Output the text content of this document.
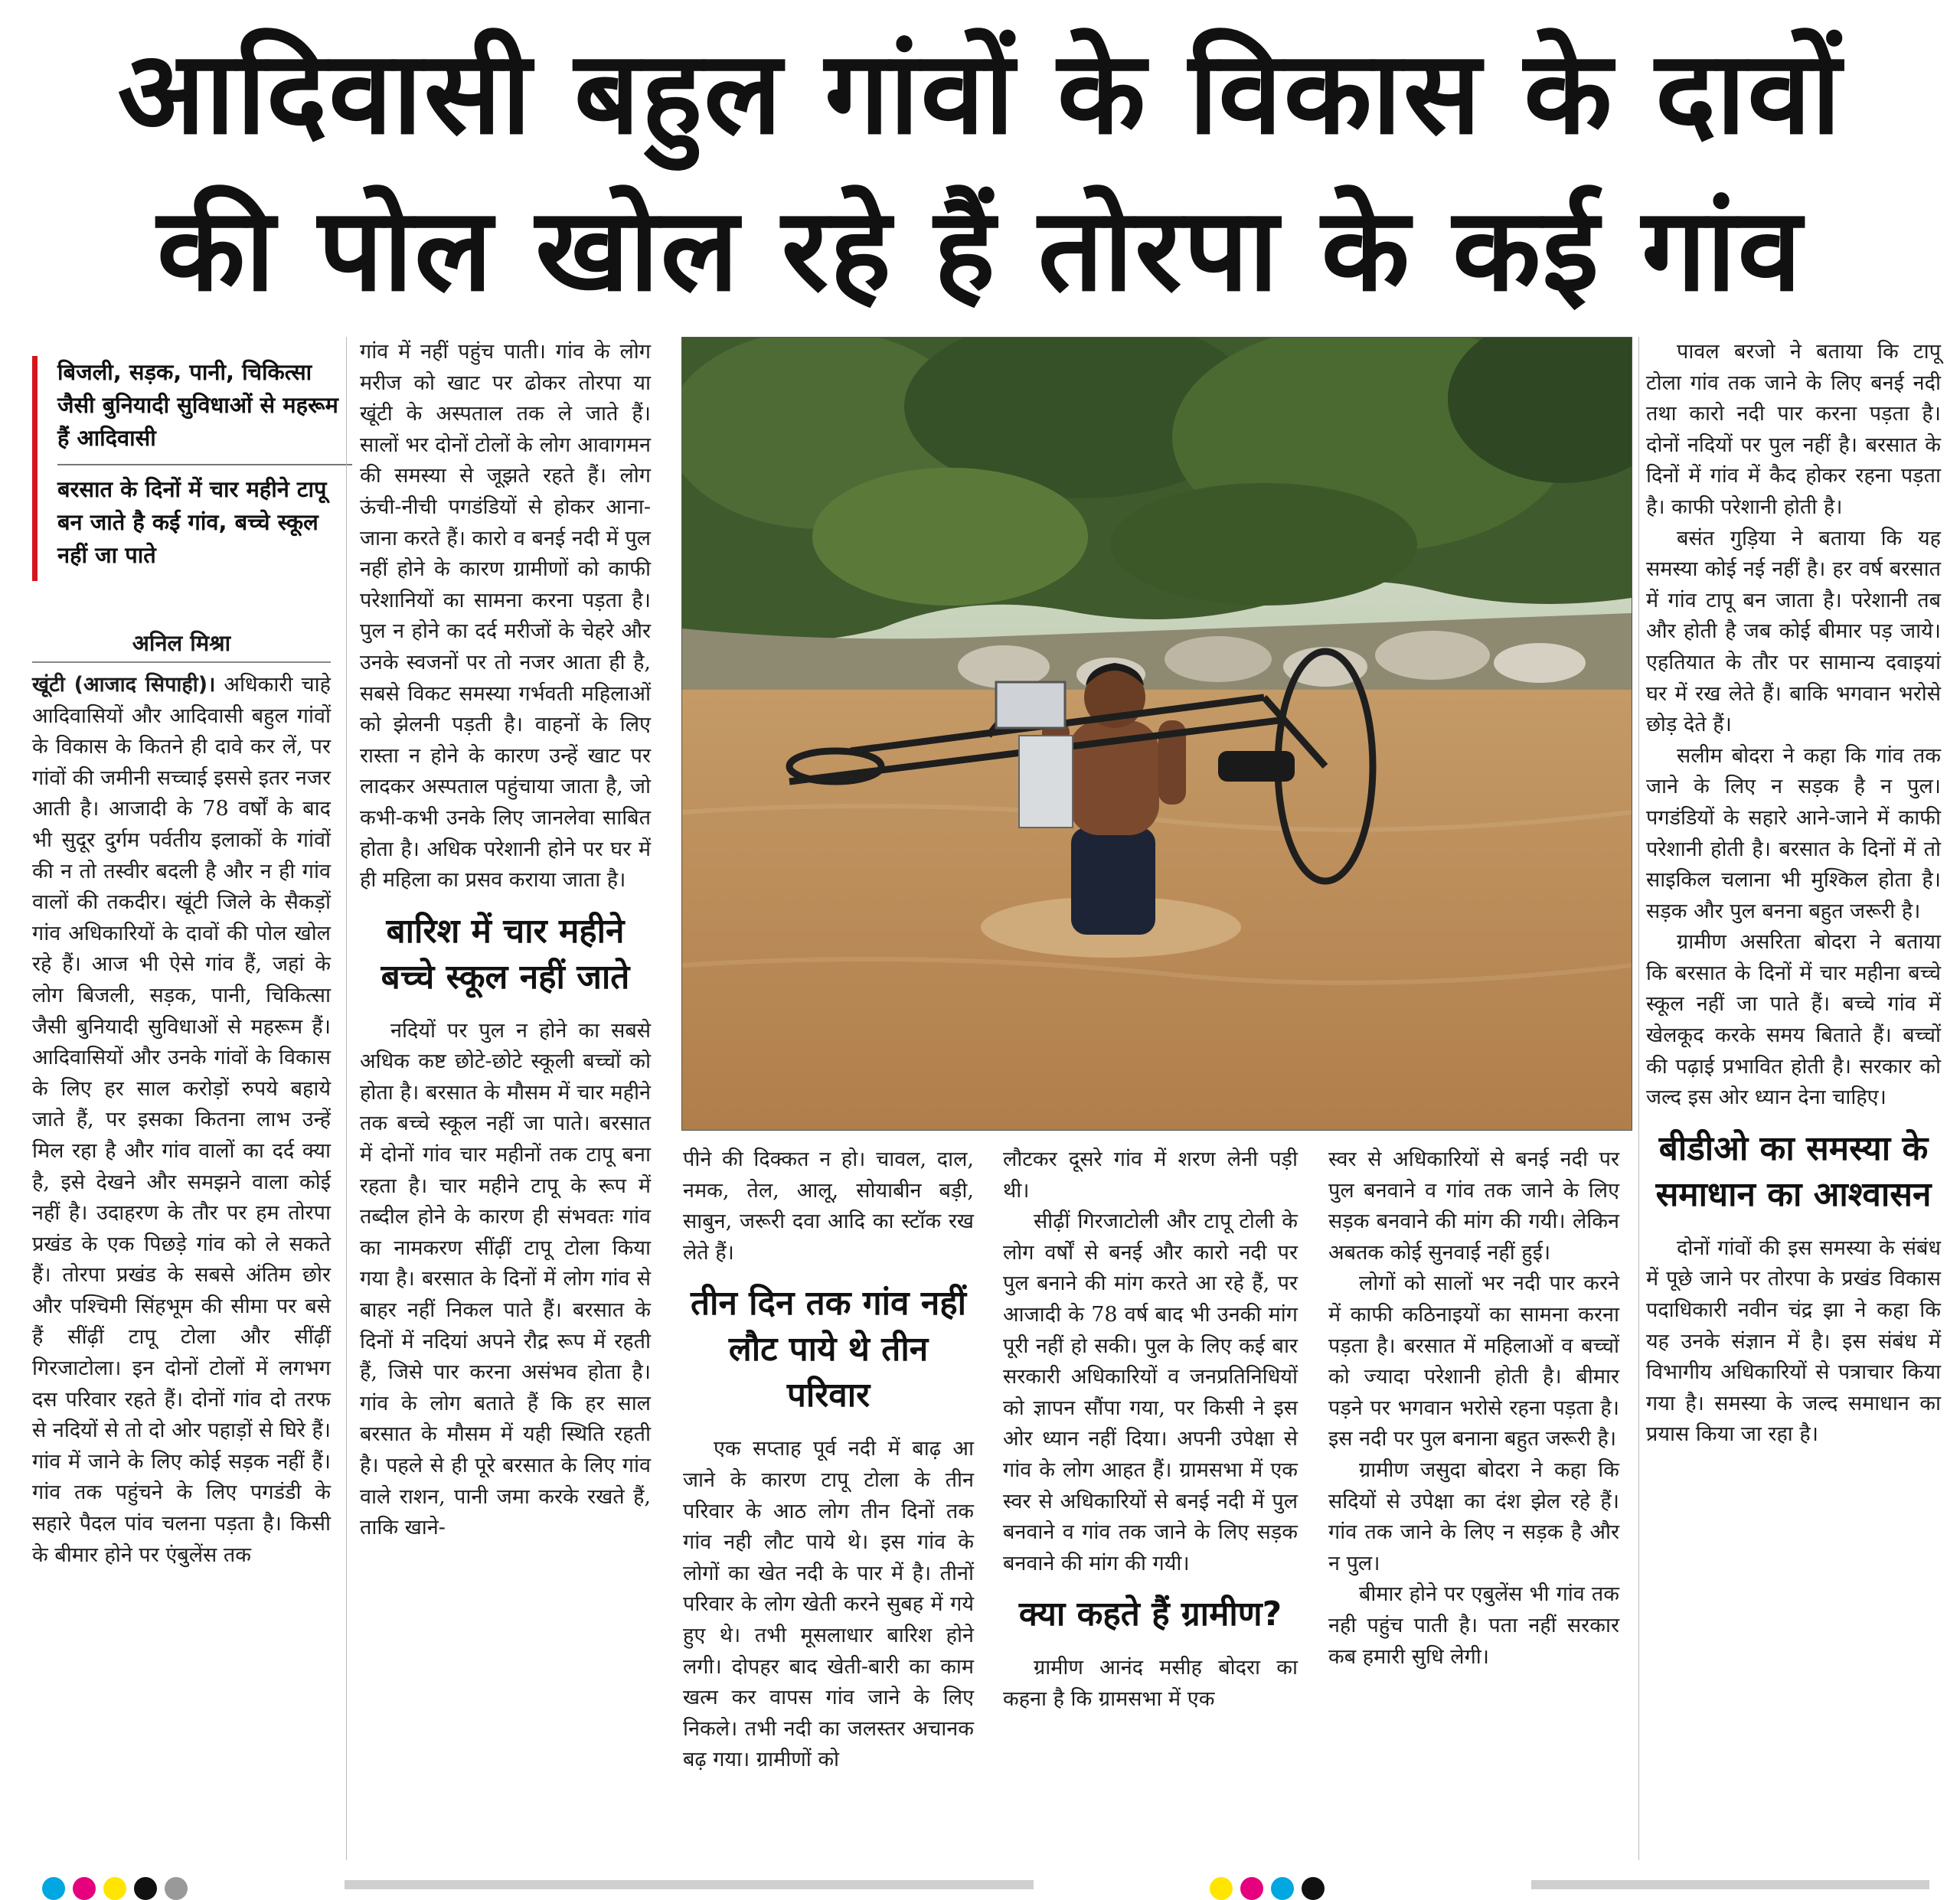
आदिवासी बहुल गांवों के विकास के दावों
की पोल खोल रहे हैं तोरपा के कई गांव
बिजली, सड़क, पानी, चिकित्सा जैसी बुनियादी सुविधाओं से महरूम हैं आदिवासी
बरसात के दिनों में चार महीने टापू बन जाते है कई गांव, बच्चे स्कूल नहीं जा पाते
अनिल मिश्रा

खूंटी (आजाद सिपाही)। अधिकारी चाहे आदिवासियों और आदिवासी बहुल गांवों के विकास के कितने ही दावे कर लें, पर गांवों की जमीनी सच्चाई इससे इतर नजर आती है। आजादी के 78 वर्षों के बाद भी सुदूर दुर्गम पर्वतीय इलाकों के गांवों की न तो तस्वीर बदली है और न ही गांव वालों की तकदीर। खूंटी जिले के सैकड़ों गांव अधिकारियों के दावों की पोल खोल रहे हैं। आज भी ऐसे गांव हैं, जहां के लोग बिजली, सड़क, पानी, चिकित्सा जैसी बुनियादी सुविधाओं से महरूम हैं। आदिवासियों और उनके गांवों के विकास के लिए हर साल करोड़ों रुपये बहाये जाते हैं, पर इसका कितना लाभ उन्हें मिल रहा है और गांव वालों का दर्द क्या है, इसे देखने और समझने वाला कोई नहीं है। उदाहरण के तौर पर हम तोरपा प्रखंड के एक पिछड़े गांव को ले सकते हैं। तोरपा प्रखंड के सबसे अंतिम छोर और पश्चिमी सिंहभूम की सीमा पर बसे हैं सींढ़ीं टापू टोला और सींढ़ीं गिरजाटोला। इन दोनों टोलों में लगभग दस परिवार रहते हैं। दोनों गांव दो तरफ से नदियों से तो दो ओर पहाड़ों से घिरे हैं। गांव में जाने के लिए कोई सड़क नहीं हैं। गांव तक पहुंचने के लिए पगडंडी के सहारे पैदल पांव चलना पड़ता है। किसी के बीमार होने पर एंबुलेंस तक

गांव में नहीं पहुंच पाती। गांव के लोग मरीज को खाट पर ढोकर तोरपा या खूंटी के अस्पताल तक ले जाते हैं। सालों भर दोनों टोलों के लोग आवागमन की समस्या से जूझते रहते हैं। लोग ऊंची-नीची पगडंडियों से होकर आना-जाना करते हैं। कारो व बनई नदी में पुल नहीं होने के कारण ग्रामीणों को काफी परेशानियों का सामना करना पड़ता है। पुल न होने का दर्द मरीजों के चेहरे और उनके स्वजनों पर तो नजर आता ही है, सबसे विकट समस्या गर्भवती महिलाओं को झेलनी पड़ती है। वाहनों के लिए रास्ता न होने के कारण उन्हें खाट पर लादकर अस्पताल पहुंचाया जाता है, जो कभी-कभी उनके लिए जानलेवा साबित होता है। अधिक परेशानी होने पर घर में ही महिला का प्रसव कराया जाता है।

बारिश में चार महीने बच्चे स्कूल नहीं जाते

नदियों पर पुल न होने का सबसे अधिक कष्ट छोटे-छोटे स्कूली बच्चों को होता है। बरसात के मौसम में चार महीने तक बच्चे स्कूल नहीं जा पाते। बरसात में दोनों गांव चार महीनों तक टापू बना रहता है। चार महीने टापू के रूप में तब्दील होने के कारण ही संभवतः गांव का नामकरण सींढ़ीं टापू टोला किया गया है। बरसात के दिनों में लोग गांव से बाहर नहीं निकल पाते हैं। बरसात के दिनों में नदियां अपने रौद्र रूप में रहती हैं, जिसे पार करना असंभव होता है। गांव के लोग बताते हैं कि हर साल बरसात के मौसम में यही स्थिति रहती है। पहले से ही पूरे बरसात के लिए गांव वाले राशन, पानी जमा करके रखते हैं, ताकि खाने-

पीने की दिक्कत न हो। चावल, दाल, नमक, तेल, आलू, सोयाबीन बड़ी, साबुन, जरूरी दवा आदि का स्टॉक रख लेते हैं।

तीन दिन तक गांव नहीं लौट पाये थे तीन परिवार

एक सप्ताह पूर्व नदी में बाढ़ आ जाने के कारण टापू टोला के तीन परिवार के आठ लोग तीन दिनों तक गांव नही लौट पाये थे। इस गांव के लोगों का खेत नदी के पार में है। तीनों परिवार के लोग खेती करने सुबह में गये हुए थे। तभी मूसलाधार बारिश होने लगी। दोपहर बाद खेती-बारी का काम खत्म कर वापस गांव जाने के लिए निकले। तभी नदी का जलस्तर अचानक बढ़ गया। ग्रामीणों को

लौटकर दूसरे गांव में शरण लेनी पड़ी थी।

सीढ़ीं गिरजाटोली और टापू टोली के लोग वर्षों से बनई और कारो नदी पर पुल बनाने की मांग करते आ रहे हैं, पर आजादी के 78 वर्ष बाद भी उनकी मांग पूरी नहीं हो सकी। पुल के लिए कई बार सरकारी अधिकारियों व जनप्रतिनिधियों को ज्ञापन सौंपा गया, पर किसी ने इस ओर ध्यान नहीं दिया। अपनी उपेक्षा से गांव के लोग आहत हैं। ग्रामसभा में एक स्वर से अधिकारियों से बनई नदी में पुल बनवाने व गांव तक जाने के लिए सड़क बनवाने की मांग की गयी।

क्या कहते हैं ग्रामीण?

ग्रामीण आनंद मसीह बोदरा का कहना है कि ग्रामसभा में एक

स्वर से अधिकारियों से बनई नदी पर पुल बनवाने व गांव तक जाने के लिए सड़क बनवाने की मांग की गयी। लेकिन अबतक कोई सुनवाई नहीं हुई।

लोगों को सालों भर नदी पार करने में काफी कठिनाइयों का सामना करना पड़ता है। बरसात में महिलाओं व बच्चों को ज्यादा परेशानी होती है। बीमार पड़ने पर भगवान भरोसे रहना पड़ता है। इस नदी पर पुल बनाना बहुत जरूरी है।

ग्रामीण जसुदा बोदरा ने कहा कि सदियों से उपेक्षा का दंश झेल रहे हैं। गांव तक जाने के लिए न सड़क है और न पुल।

बीमार होने पर एबुलेंस भी गांव तक नही पहुंच पाती है। पता नहीं सरकार कब हमारी सुधि लेगी।

पावल बरजो ने बताया कि टापू टोला गांव तक जाने के लिए बनई नदी तथा कारो नदी पार करना पड़ता है। दोनों नदियों पर पुल नहीं है। बरसात के दिनों में गांव में कैद होकर रहना पड़ता है। काफी परेशानी होती है।

बसंत गुड़िया ने बताया कि यह समस्या कोई नई नहीं है। हर वर्ष बरसात में गांव टापू बन जाता है। परेशानी तब और होती है जब कोई बीमार पड़ जाये। एहतियात के तौर पर सामान्य दवाइयां घर में रख लेते हैं। बाकि भगवान भरोसे छोड़ देते हैं।

सलीम बोदरा ने कहा कि गांव तक जाने के लिए न सड़क है न पुल। पगडंडियों के सहारे आने-जाने में काफी परेशानी होती है। बरसात के दिनों में तो साइकिल चलाना भी मुश्किल होता है। सड़क और पुल बनना बहुत जरूरी है।

ग्रामीण असरिता बोदरा ने बताया कि बरसात के दिनों में चार महीना बच्चे स्कूल नहीं जा पाते हैं। बच्चे गांव में खेलकूद करके समय बिताते हैं। बच्चों की पढ़ाई प्रभावित होती है। सरकार को जल्द इस ओर ध्यान देना चाहिए।

बीडीओ का समस्या के समाधान का आश्वासन

दोनों गांवों की इस समस्या के संबंध में पूछे जाने पर तोरपा के प्रखंड विकास पदाधिकारी नवीन चंद्र झा ने कहा कि यह उनके संज्ञान में है। इस संबंध में विभागीय अधिकारियों से पत्राचार किया गया है। समस्या के जल्द समाधान का प्रयास किया जा रहा है।
